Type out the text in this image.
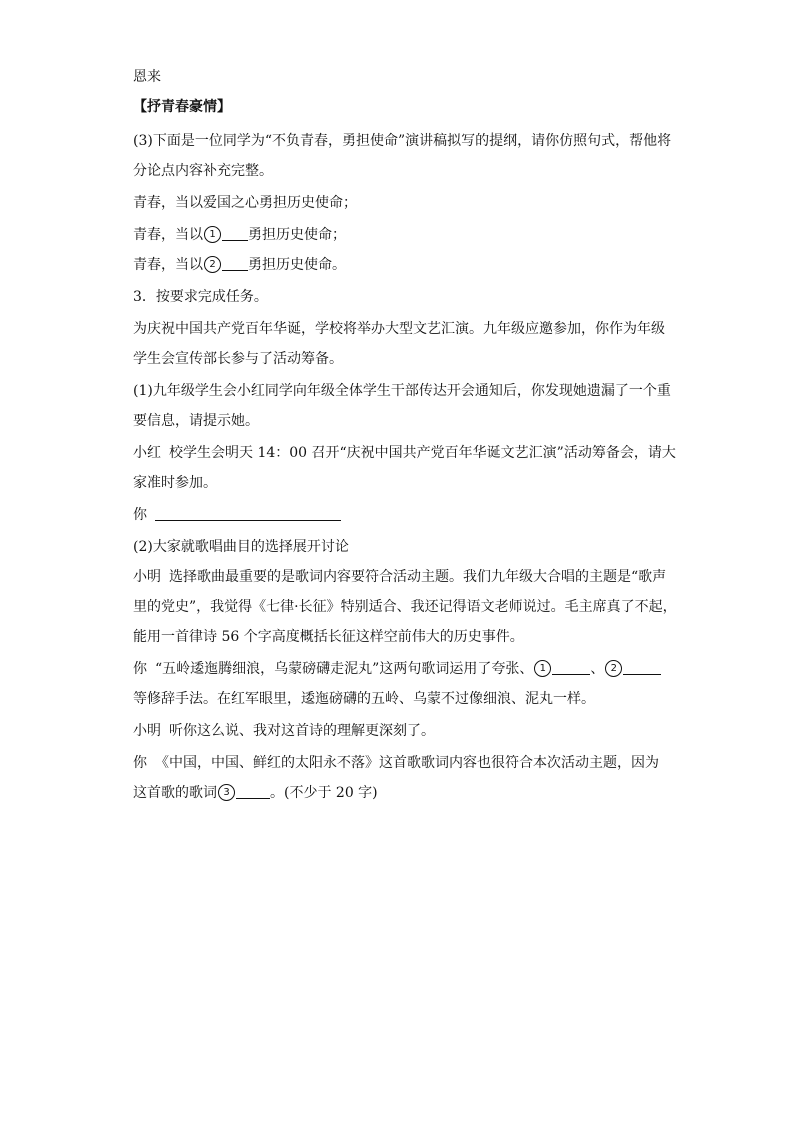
恩来
【抒青春豪情】
(3)下面是一位同学为“不负青春，勇担使命”演讲稿拟写的提纲，请你仿照句式，帮他将
分论点内容补充完整。
青春，当以爱国之心勇担历史使命；
青春，当以 1 勇担历史使命；
青春，当以 2 勇担历史使命。
3．按要求完成任务。
为庆祝中国共产党百年华诞，学校将举办大型文艺汇演。九年级应邀参加，你作为年级
学生会宣传部长参与了活动筹备。
(1)九年级学生会小红同学向年级全体学生干部传达开会通知后，你发现她遗漏了一个重
要信息，请提示她。
小红 校学生会明天 14：00 召开“庆祝中国共产党百年华诞文艺汇演”活动筹备会，请大
家准时参加。
你
(2)大家就歌唱曲目的选择展开讨论
小明 选择歌曲最重要的是歌词内容要符合活动主题。我们九年级大合唱的主题是“歌声
里的党史”，我觉得《七律·长征》特别适合、我还记得语文老师说过。毛主席真了不起，
能用一首律诗 56 个字高度概括长征这样空前伟大的历史事件。
你 “五岭逶迤腾细浪，乌蒙磅礴走泥丸”这两句歌词运用了夸张、 1	、 2
等修辞手法。在红军眼里，逶迤磅礴的五岭、乌蒙不过像细浪、泥丸一样。
小明 听你这么说、我对这首诗的理解更深刻了。
你 《中国，中国、鲜红的太阳永不落》这首歌歌词内容也很符合本次活动主题，因为
这首歌的歌词 3	。(不少于 20 字)
